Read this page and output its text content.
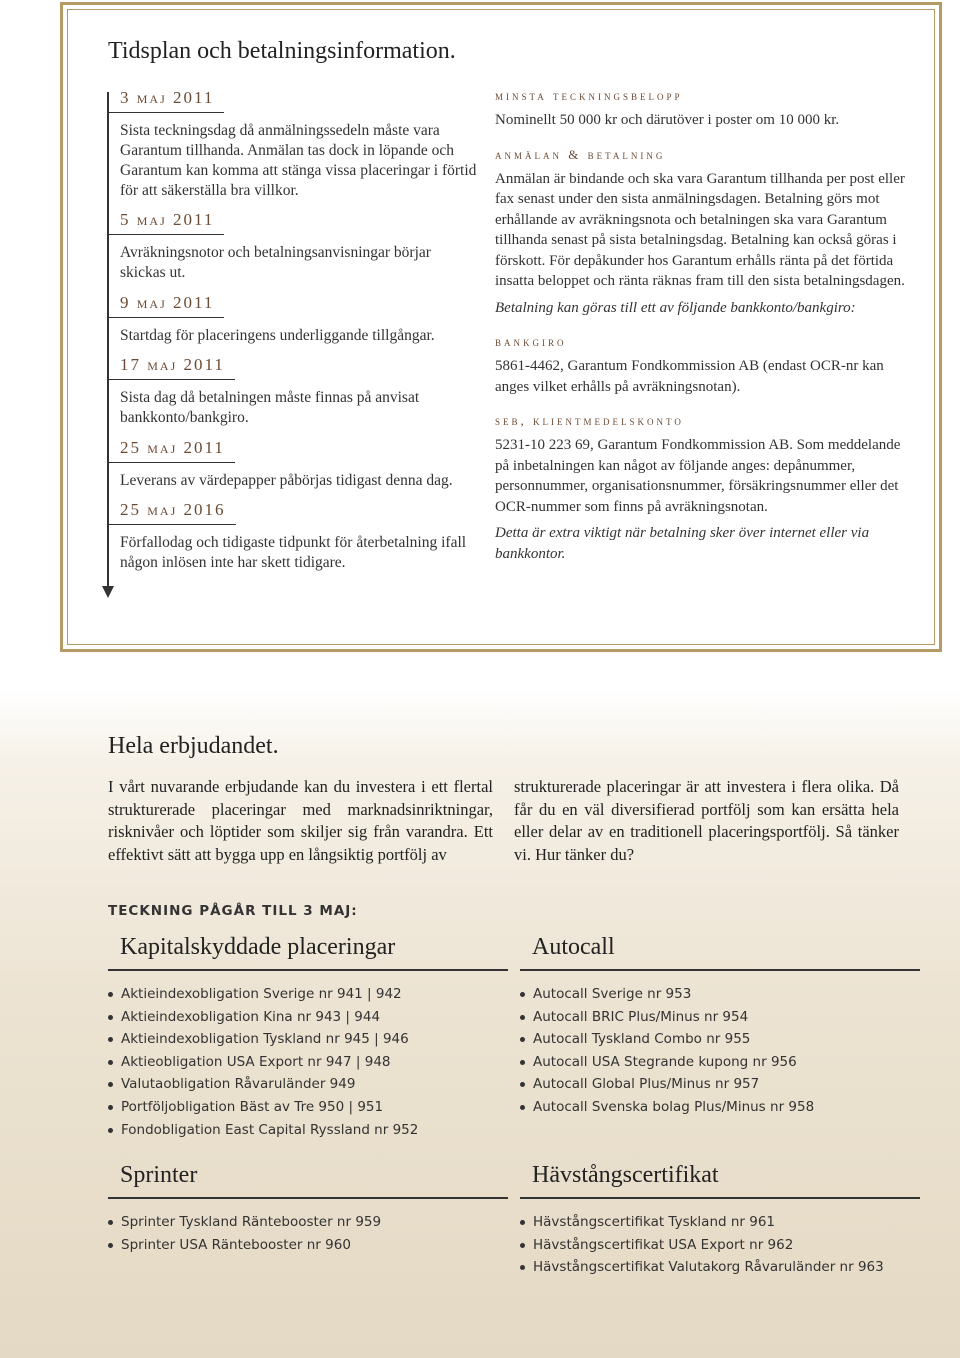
Tidsplan och betalningsinformation.
3 maj 2011
Sista teckningsdag då anmälningssedeln måste vara Garantum tillhanda. Anmälan tas dock in löpande och Garantum kan komma att stänga vissa placeringar i förtid för att säkerställa bra villkor.
5 maj 2011
Avräkningsnotor och betalningsanvisningar börjar skickas ut.
9 maj 2011
Startdag för placeringens underliggande tillgångar.
17 maj 2011
Sista dag då betalningen måste finnas på anvisat bankkonto/bankgiro.
25 maj 2011
Leverans av värdepapper påbörjas tidigast denna dag.
25 maj 2016
Förfallodag och tidigaste tidpunkt för återbetalning ifall någon inlösen inte har skett tidigare.
minsta teckningsbelopp
Nominellt 50 000 kr och därutöver i poster om 10 000 kr.
anmälan & betalning
Anmälan är bindande och ska vara Garantum tillhanda per post eller fax senast under den sista anmälningsdagen. Betalning görs mot erhållande av avräkningsnota och betalningen ska vara Garantum tillhanda senast på sista betalningsdag. Betalning kan också göras i förskott. För depåkunder hos Garantum erhålls ränta på det förtida insatta beloppet och ränta räknas fram till den sista betalningsdagen.
Betalning kan göras till ett av följande bankkonto/bankgiro:
bankgiro
5861-4462, Garantum Fondkommission AB (endast OCR-nr kan anges vilket erhålls på avräkningsnotan).
seb, klientmedelskonto
5231-10 223 69, Garantum Fondkommission AB. Som meddelande på inbetalningen kan något av följande anges: depånummer, personnummer, organisationsnummer, försäkringsnummer eller det OCR-nummer som finns på avräkningsnotan.
Detta är extra viktigt när betalning sker över internet eller via bankkontor.
Hela erbjudandet.
I vårt nuvarande erbjudande kan du investera i ett flertal strukturerade placeringar med marknadsinriktningar, risknivåer och löptider som skiljer sig från varandra. Ett effektivt sätt att bygga upp en långsiktig portfölj av
strukturerade placeringar är att investera i flera olika. Då får du en väl diversifierad portfölj som kan ersätta hela eller delar av en traditionell placeringsportfölj. Så tänker vi. Hur tänker du?
TECKNING PÅGÅR TILL 3 MAJ:
Kapitalskyddade placeringar
Aktieindexobligation Sverige nr 941 | 942
Aktieindexobligation Kina nr 943 | 944
Aktieindexobligation Tyskland nr 945 | 946
Aktieobligation USA Export nr 947 | 948
Valutaobligation Råvaruländer 949
Portföljobligation Bäst av Tre 950 | 951
Fondobligation East Capital Ryssland nr 952
Autocall
Autocall Sverige nr 953
Autocall BRIC Plus/Minus nr 954
Autocall Tyskland Combo nr 955
Autocall USA Stegrande kupong nr 956
Autocall Global Plus/Minus nr 957
Autocall Svenska bolag Plus/Minus nr 958
Sprinter
Sprinter Tyskland Räntebooster nr 959
Sprinter USA Räntebooster nr 960
Hävstångscertifikat
Hävstångscertifikat Tyskland nr 961
Hävstångscertifikat USA Export nr 962
Hävstångscertifikat Valutakorg Råvaruländer nr 963
